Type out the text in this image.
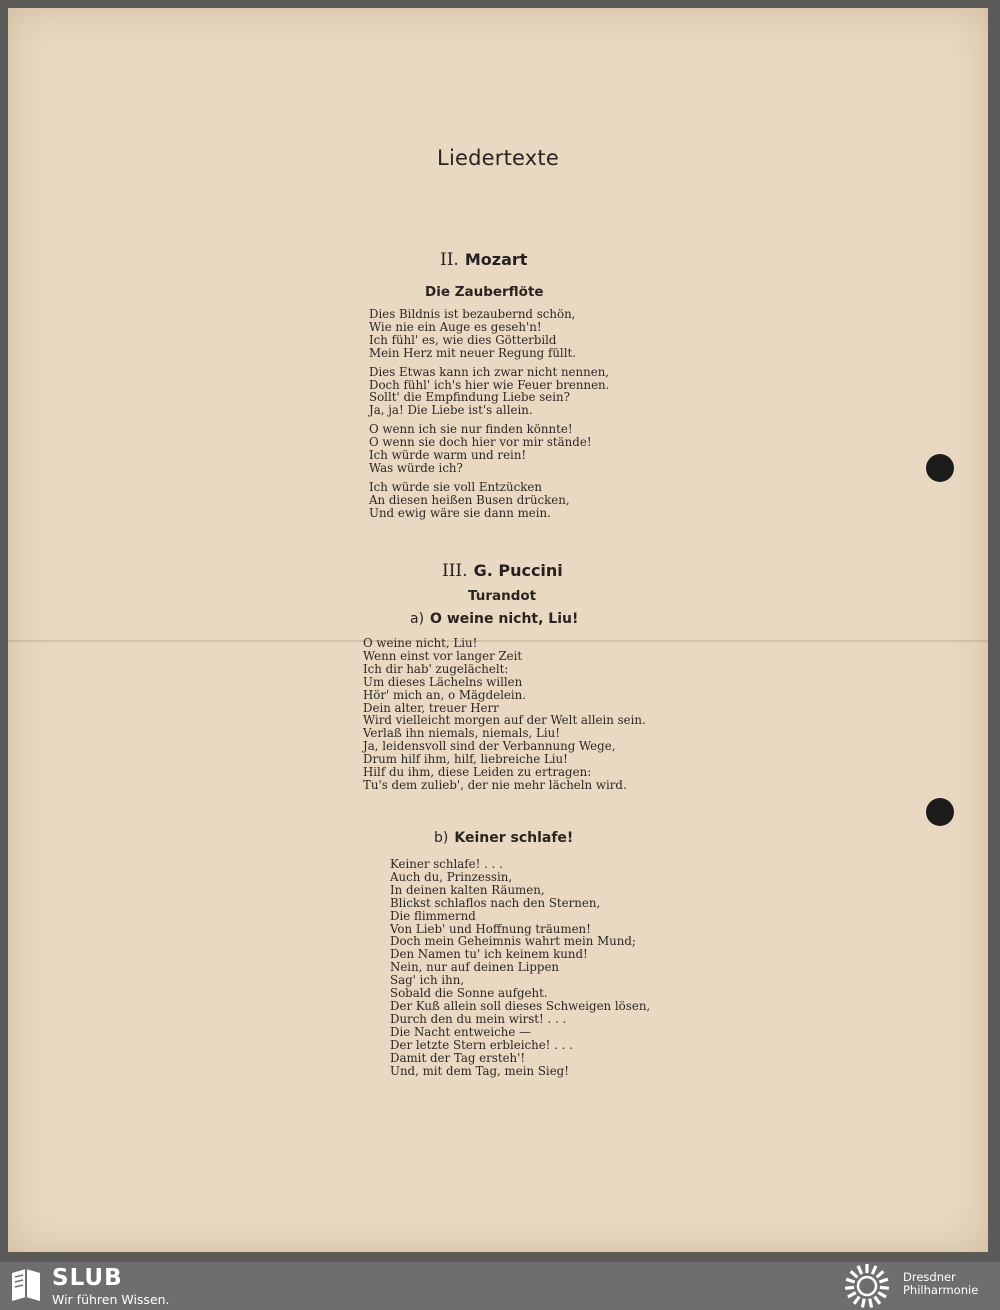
Liedertexte
II. Mozart
Die Zauberflöte
Dies Bildnis ist bezaubernd schön,
Wie nie ein Auge es geseh'n!
Ich fühl' es, wie dies Götterbild
Mein Herz mit neuer Regung füllt.
Dies Etwas kann ich zwar nicht nennen,
Doch fühl' ich's hier wie Feuer brennen.
Sollt' die Empfindung Liebe sein?
Ja, ja! Die Liebe ist's allein.
O wenn ich sie nur finden könnte!
O wenn sie doch hier vor mir stände!
Ich würde warm und rein!
Was würde ich?
Ich würde sie voll Entzücken
An diesen heißen Busen drücken,
Und ewig wäre sie dann mein.
III. G. Puccini
Turandot
a) O weine nicht, Liu!
O weine nicht, Liu!
Wenn einst vor langer Zeit
Ich dir hab' zugelächelt:
Um dieses Lächelns willen
Hör' mich an, o Mägdelein.
Dein alter, treuer Herr
Wird vielleicht morgen auf der Welt allein sein.
Verlaß ihn niemals, niemals, Liu!
Ja, leidensvoll sind der Verbannung Wege,
Drum hilf ihm, hilf, liebreiche Liu!
Hilf du ihm, diese Leiden zu ertragen:
Tu's dem zulieb', der nie mehr lächeln wird.
b) Keiner schlafe!
Keiner schlafe! . . .
Auch du, Prinzessin,
In deinen kalten Räumen,
Blickst schlaflos nach den Sternen,
Die flimmernd
Von Lieb' und Hoffnung träumen!
Doch mein Geheimnis wahrt mein Mund;
Den Namen tu' ich keinem kund!
Nein, nur auf deinen Lippen
Sag' ich ihn,
Sobald die Sonne aufgeht.
Der Kuß allein soll dieses Schweigen lösen,
Durch den du mein wirst! . . .
Die Nacht entweiche —
Der letzte Stern erbleiche! . . .
Damit der Tag ersteh'!
Und, mit dem Tag, mein Sieg!
SLUB
Wir führen Wissen.
Dresdner
Philharmonie
